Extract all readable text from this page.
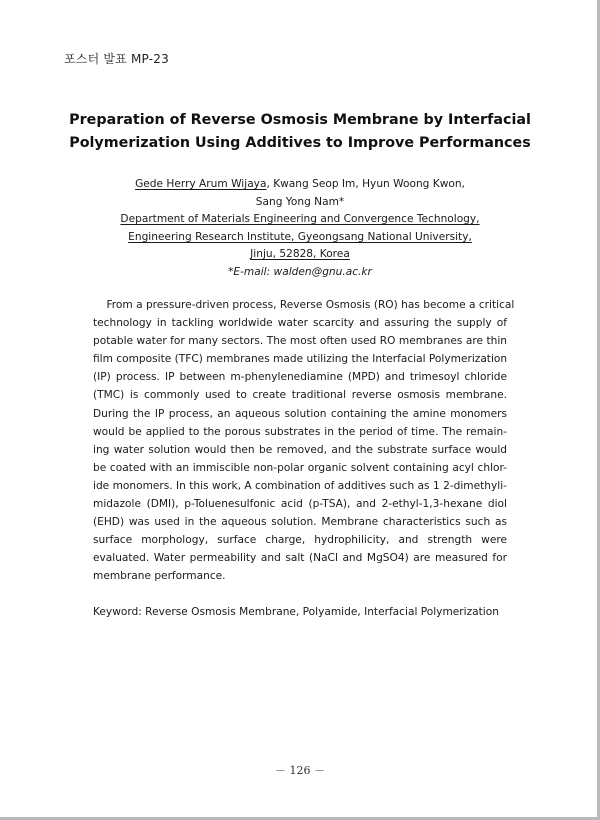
포스터 발표 MP-23
Preparation of Reverse Osmosis Membrane by Interfacial
Polymerization Using Additives to Improve Performances
Gede Herry Arum Wijaya, Kwang Seop Im, Hyun Woong Kwon,
Sang Yong Nam*
Department of Materials Engineering and Convergence Technology,
Engineering Research Institute, Gyeongsang National University,
Jinju, 52828, Korea
*E-mail: walden@gnu.ac.kr
From a pressure-driven process, Reverse Osmosis (RO) has become a critical
technology in tackling worldwide water scarcity and assuring the supply of
potable water for many sectors. The most often used RO membranes are thin
film composite (TFC) membranes made utilizing the Interfacial Polymerization
(IP) process. IP between m-phenylenediamine (MPD) and trimesoyl chloride
(TMC) is commonly used to create traditional reverse osmosis membrane.
During the IP process, an aqueous solution containing the amine monomers
would be applied to the porous substrates in the period of time. The remain-
ing water solution would then be removed, and the substrate surface would
be coated with an immiscible non-polar organic solvent containing acyl chlor-
ide monomers. In this work, A combination of additives such as 1 2-dimethyli-
midazole (DMI), p-Toluenesulfonic acid (p-TSA), and 2-ethyl-1,3-hexane diol
(EHD) was used in the aqueous solution. Membrane characteristics such as
surface morphology, surface charge, hydrophilicity, and strength were
evaluated. Water permeability and salt (NaCl and MgSO4) are measured for
membrane performance.
Keyword: Reverse Osmosis Membrane, Polyamide, Interfacial Polymerization
－ 126 －
